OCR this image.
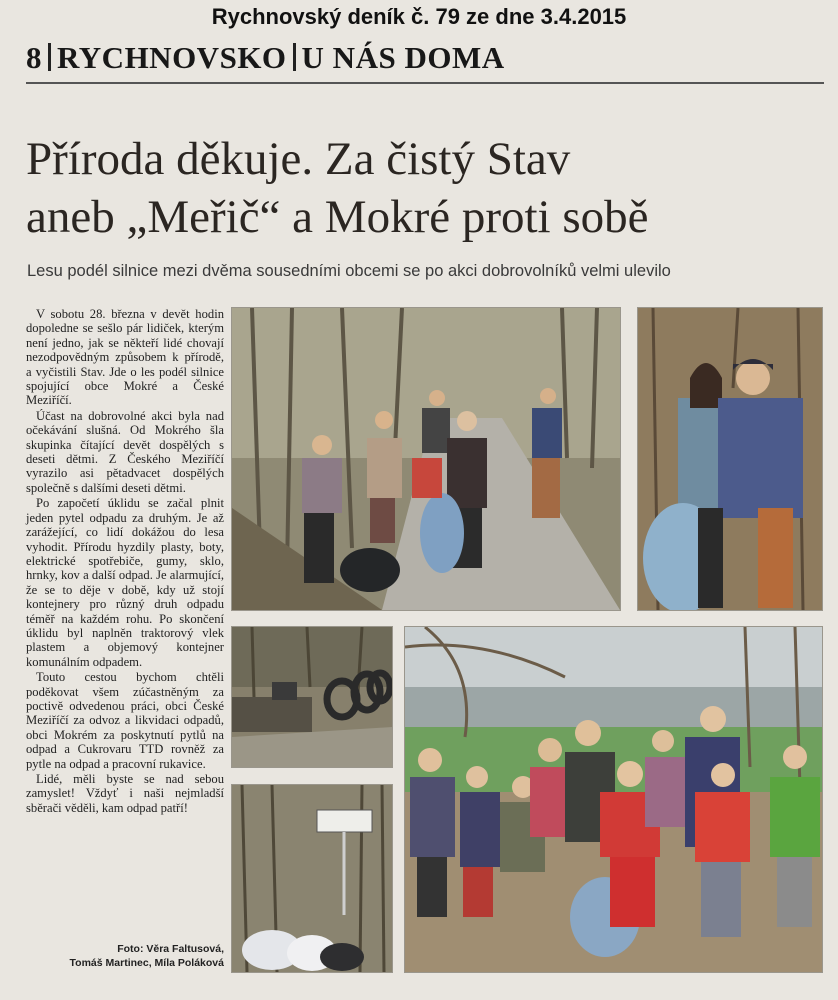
Rychnovský deník č. 79 ze dne 3.4.2015
8 RYCHNOVSKO U NÁS DOMA
Příroda děkuje. Za čistý Stav
aneb „Meřič“ a Mokré proti sobě
Lesu podél silnice mezi dvěma sousedními obcemi se po akci dobrovolníků velmi ulevilo

V sobotu 28. března v devět hodin dopoledne se sešlo pár lidiček, kterým není jedno, jak se někteří lidé chovají nezodpovědným způsobem k přírodě, a vyčistili Stav. Jde o les podél silnice spojující obce Mokré a České Meziříčí.

Účast na dobrovolné akci byla nad očekávání slušná. Od Mokrého šla skupinka čítající devět dospělých s deseti dětmi. Z Českého Meziříčí vyrazilo asi pětadvacet dospělých společně s dalšími deseti dětmi.

Po započetí úklidu se začal plnit jeden pytel odpadu za druhým. Je až zarážející, co lidí dokážou do lesa vyhodit. Přírodu hyzdily plasty, boty, elektrické spotřebiče, gumy, sklo, hrnky, kov a další odpad. Je alarmující, že se to děje v době, kdy už stojí kontejnery pro různý druh odpadu téměř na každém rohu. Po skončení úklidu byl naplněn traktorový vlek plastem a objemový kontejner komunálním odpadem.

Touto cestou bychom chtěli poděkovat všem zúčastněným za poctivě odvedenou práci, obci České Meziříčí za odvoz a likvidaci odpadů, obci Mokrém za poskytnutí pytlů na odpad a Cukrovaru TTD rovněž za pytle na odpad a pracovní rukavice.

Lidé, měli byste se nad sebou zamyslet! Vždyť i naši nejmladší sběrači věděli, kam odpad patří!

Foto: Věra Faltusová,
Tomáš Martinec, Míla Poláková
